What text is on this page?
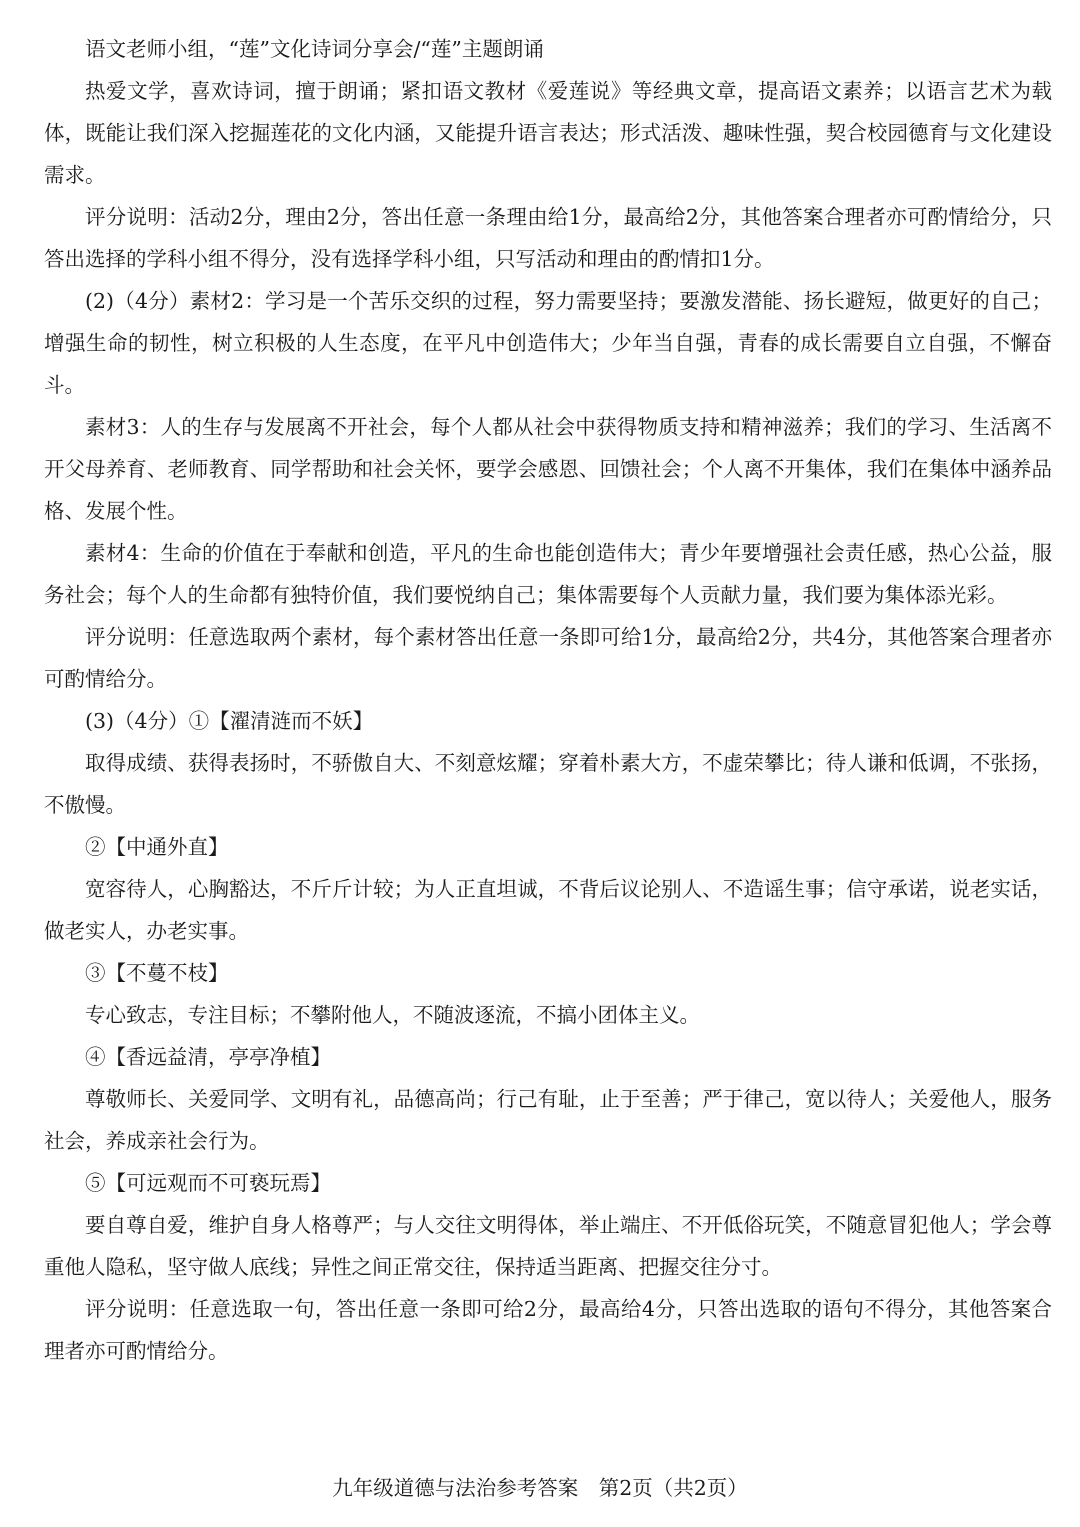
语文老师小组，“莲”文化诗词分享会/“莲”主题朗诵

热爱文学，喜欢诗词，擅于朗诵；紧扣语文教材《爱莲说》等经典文章，提高语文素养；以语言艺术为载体，既能让我们深入挖掘莲花的文化内涵，又能提升语言表达；形式活泼、趣味性强，契合校园德育与文化建设需求。

评分说明：活动2分，理由2分，答出任意一条理由给1分，最高给2分，其他答案合理者亦可酌情给分，只答出选择的学科小组不得分，没有选择学科小组，只写活动和理由的酌情扣1分。

(2)（4分）素材2：学习是一个苦乐交织的过程，努力需要坚持；要激发潜能、扬长避短，做更好的自己；增强生命的韧性，树立积极的人生态度，在平凡中创造伟大；少年当自强，青春的成长需要自立自强，不懈奋斗。

素材3：人的生存与发展离不开社会，每个人都从社会中获得物质支持和精神滋养；我们的学习、生活离不开父母养育、老师教育、同学帮助和社会关怀，要学会感恩、回馈社会；个人离不开集体，我们在集体中涵养品格、发展个性。

素材4：生命的价值在于奉献和创造，平凡的生命也能创造伟大；青少年要增强社会责任感，热心公益，服务社会；每个人的生命都有独特价值，我们要悦纳自己；集体需要每个人贡献力量，我们要为集体添光彩。

评分说明：任意选取两个素材，每个素材答出任意一条即可给1分，最高给2分，共4分，其他答案合理者亦可酌情给分。

(3)（4分）①【濯清涟而不妖】

取得成绩、获得表扬时，不骄傲自大、不刻意炫耀；穿着朴素大方，不虚荣攀比；待人谦和低调，不张扬，不傲慢。

②【中通外直】

宽容待人，心胸豁达，不斤斤计较；为人正直坦诚，不背后议论别人、不造谣生事；信守承诺，说老实话，做老实人，办老实事。

③【不蔓不枝】

专心致志，专注目标；不攀附他人，不随波逐流，不搞小团体主义。

④【香远益清，亭亭净植】

尊敬师长、关爱同学、文明有礼，品德高尚；行己有耻，止于至善；严于律己，宽以待人；关爱他人，服务社会，养成亲社会行为。

⑤【可远观而不可亵玩焉】

要自尊自爱，维护自身人格尊严；与人交往文明得体，举止端庄、不开低俗玩笑，不随意冒犯他人；学会尊重他人隐私，坚守做人底线；异性之间正常交往，保持适当距离、把握交往分寸。

评分说明：任意选取一句，答出任意一条即可给2分，最高给4分，只答出选取的语句不得分，其他答案合理者亦可酌情给分。

九年级道德与法治参考答案　第2页（共2页）
